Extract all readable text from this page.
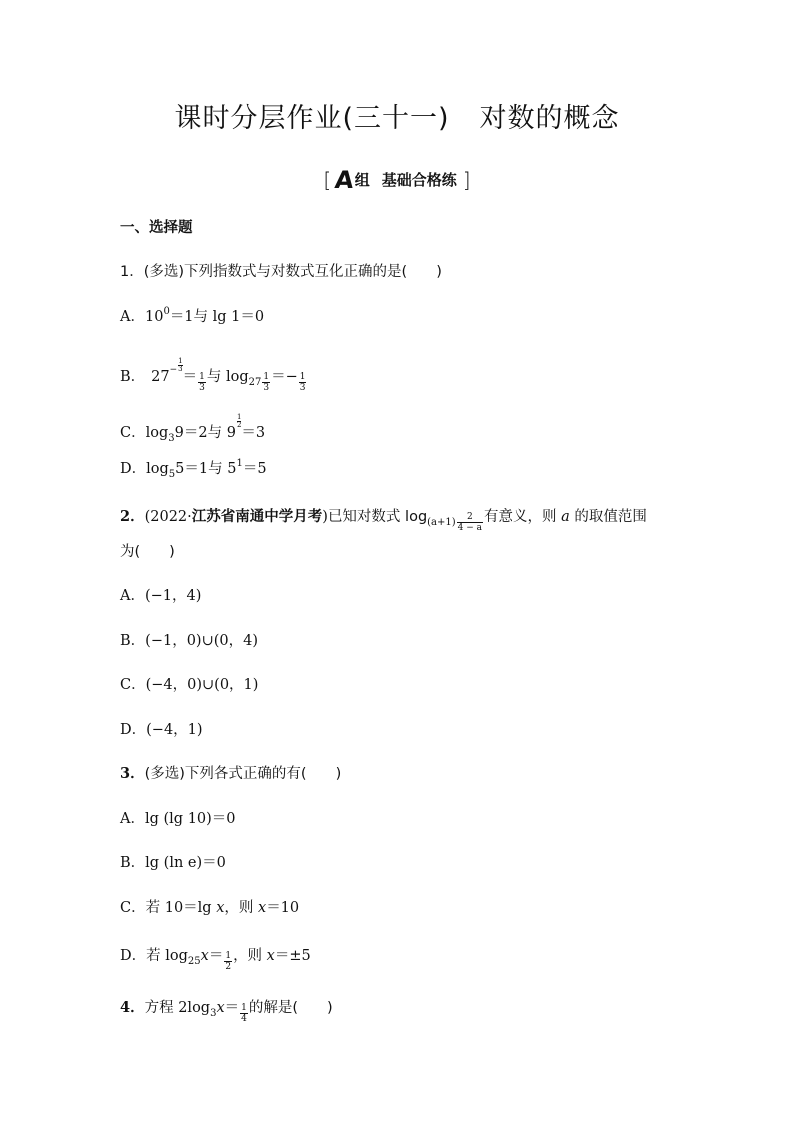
课时分层作业(三十一) 对数的概念
[ A组 基础合格练 ]
一、选择题
1．(多选)下列指数式与对数式互化正确的是(　　)
A．$10^0=1$与 lg 1＝0
B． $27^- \frac{1}{3}$
＝ $\frac{1}{3}$ 与 $\log_{27} \frac{1}{3} =- \frac{1}{3}$
C．$\log_39=2$与 9
$\frac{1}{2}$
＝3
D．$\log_55=1$与 $5^1=5$
2．(2022·江苏省南通中学月考)已知对数式 $\log_{(a+1)} \frac{2}{4 - a}$ 有意义，则 a 的取值范围
为(　　)
A．(−1，4)
B．(−1，0)∪(0，4)
C．(−4，0)∪(0，1)
D．(−4，1)
3．(多选)下列各式正确的有(　　)
A．lg (lg 10)＝0
B．lg (ln e)＝0
C．若 10＝lg x，则 x＝10
D．若 $\log_{25}x= \frac{1}{2}$ ，则 x＝±5
4．方程 $2\log_3x= \frac{1}{4}$ 的解是(　　)
